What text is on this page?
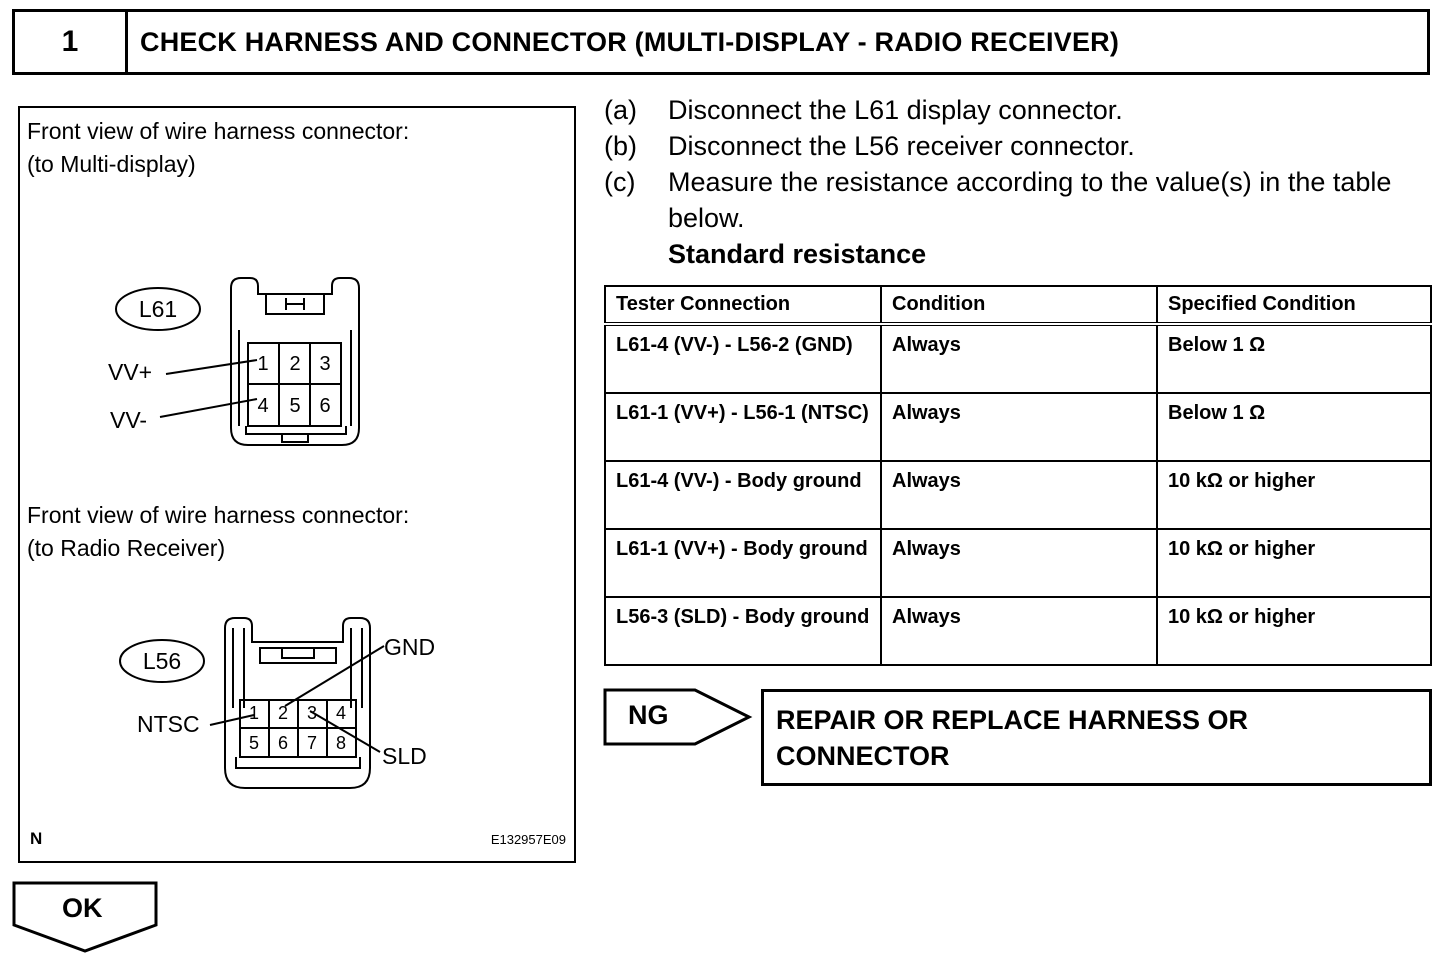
1	CHECK HARNESS AND CONNECTOR (MULTI-DISPLAY - RADIO RECEIVER)
L61
1 2 3
4 5 6
VV+
VV-
L56
1 2 3 4
5 6 7 8
GND
NTSC
SLD
Front view of wire harness connector:
(to Multi-display)
Front view of wire harness connector:
(to Radio Receiver)
N	E132957E09
(a)	Disconnect the L61 display connector.
(b)	Disconnect the L56 receiver connector.
(c)	Measure the resistance according to the value(s) in the table below.
Standard resistance
Tester Connection	Condition	Specified Condition
L61-4 (VV-) - L56-2 (GND)	Always	Below 1 Ω
L61-1 (VV+) - L56-1 (NTSC)	Always	Below 1 Ω
L61-4 (VV-) - Body ground	Always	10 kΩ or higher
L61-1 (VV+) - Body ground	Always	10 kΩ or higher
L56-3 (SLD) - Body ground	Always	10 kΩ or higher
NG	REPAIR OR REPLACE HARNESS OR
CONNECTOR
OK
